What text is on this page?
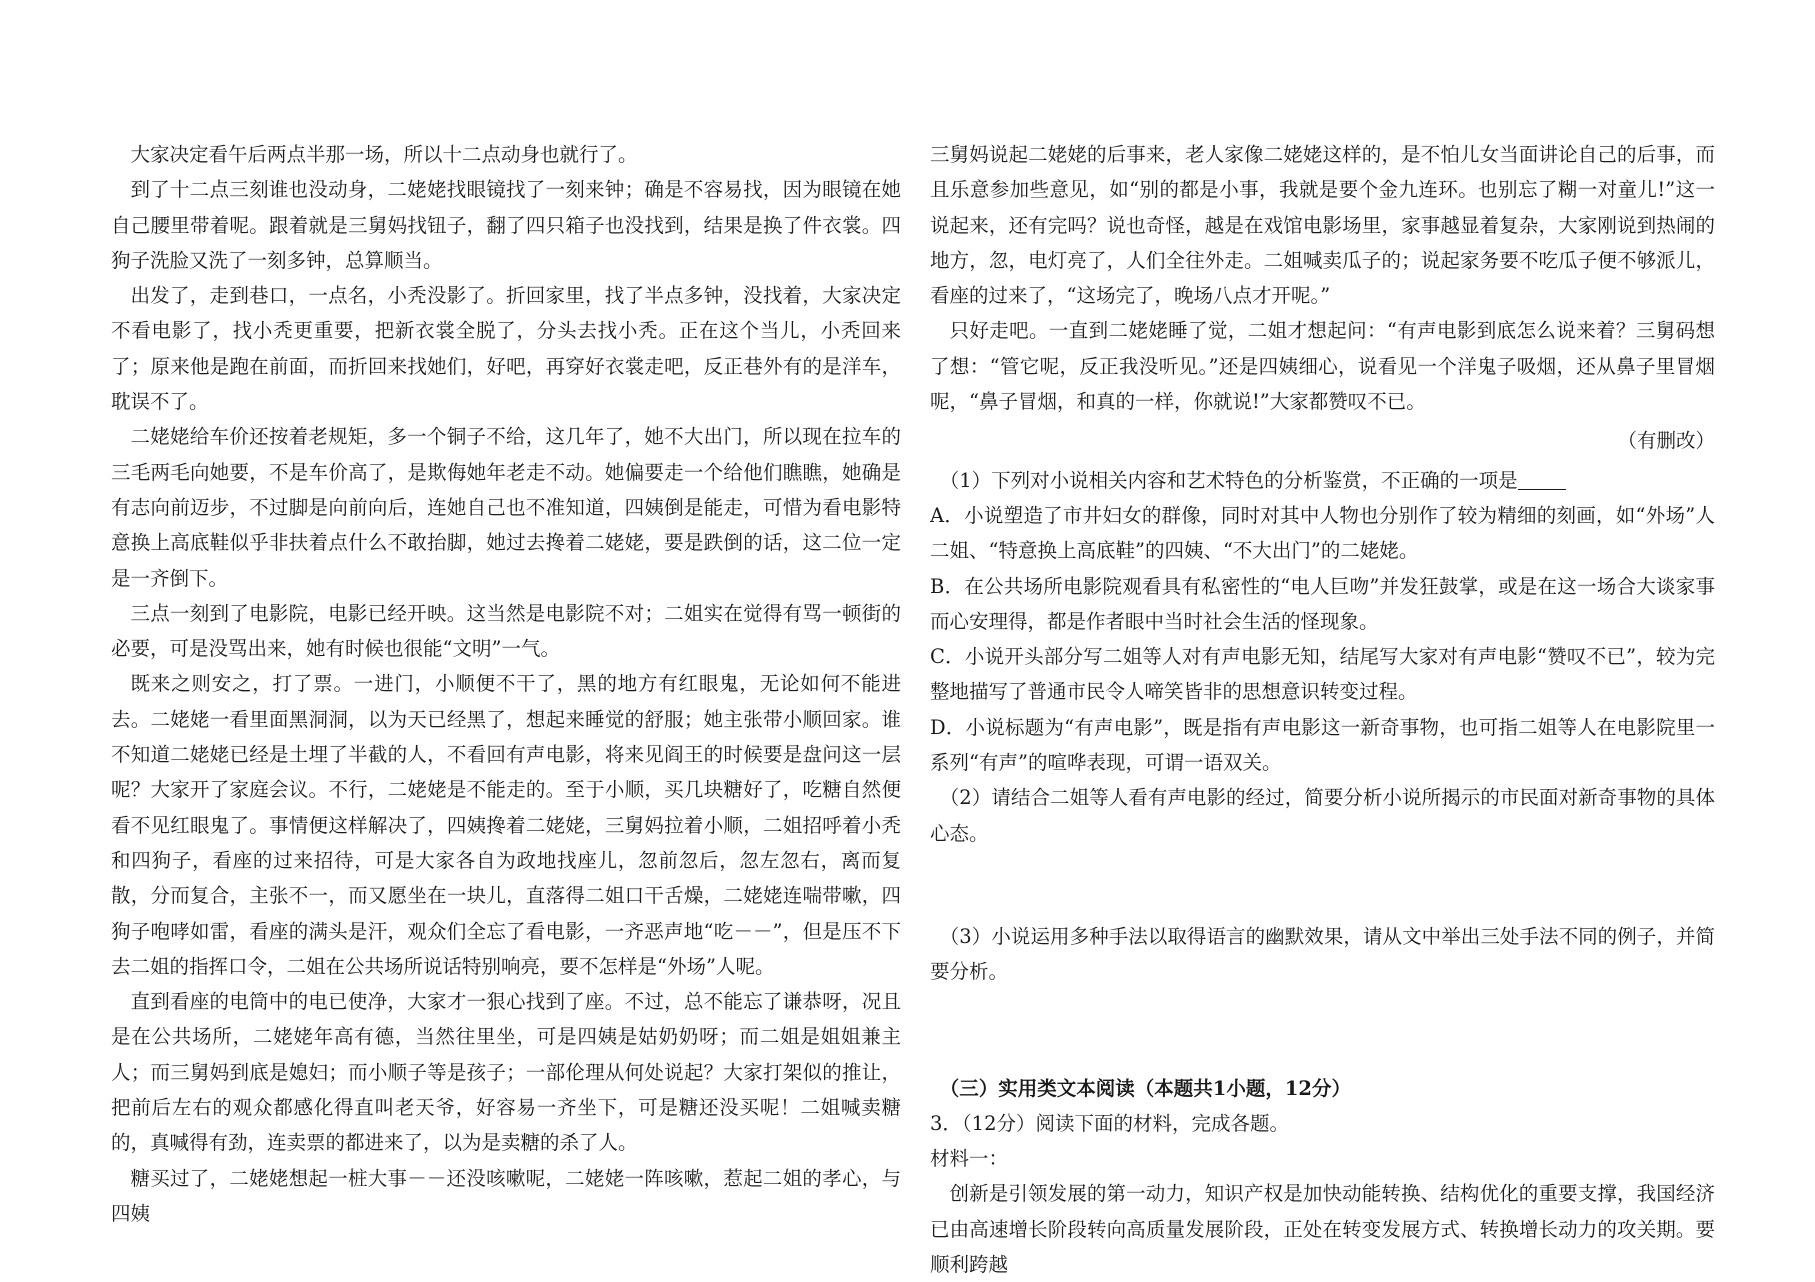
大家决定看午后两点半那一场，所以十二点动身也就行了。

到了十二点三刻谁也没动身，二姥姥找眼镜找了一刻来钟；确是不容易找，因为眼镜在她自己腰里带着呢。跟着就是三舅妈找钮子，翻了四只箱子也没找到，结果是换了件衣裳。四狗子洗脸又洗了一刻多钟，总算顺当。

出发了，走到巷口，一点名，小秃没影了。折回家里，找了半点多钟，没找着，大家决定不看电影了，找小秃更重要，把新衣裳全脱了，分头去找小秃。正在这个当儿，小秃回来了；原来他是跑在前面，而折回来找她们，好吧，再穿好衣裳走吧，反正巷外有的是洋车，耽误不了。

二姥姥给车价还按着老规矩，多一个铜子不给，这几年了，她不大出门，所以现在拉车的三毛两毛向她要，不是车价高了，是欺侮她年老走不动。她偏要走一个给他们瞧瞧，她确是有志向前迈步，不过脚是向前向后，连她自己也不准知道，四姨倒是能走，可惜为看电影特意换上高底鞋似乎非扶着点什么不敢抬脚，她过去搀着二姥姥，要是跌倒的话，这二位一定是一齐倒下。

三点一刻到了电影院，电影已经开映。这当然是电影院不对；二姐实在觉得有骂一顿街的必要，可是没骂出来，她有时候也很能“文明”一气。

既来之则安之，打了票。一进门，小顺便不干了，黑的地方有红眼鬼，无论如何不能进去。二姥姥一看里面黑洞洞，以为天已经黑了，想起来睡觉的舒服；她主张带小顺回家。谁不知道二姥姥已经是土埋了半截的人，不看回有声电影，将来见阎王的时候要是盘问这一层呢？大家开了家庭会议。不行，二姥姥是不能走的。至于小顺，买几块糖好了，吃糖自然便看不见红眼鬼了。事情便这样解决了，四姨搀着二姥姥，三舅妈拉着小顺，二姐招呼着小秃和四狗子，看座的过来招待，可是大家各自为政地找座儿，忽前忽后，忽左忽右，离而复散，分而复合，主张不一，而又愿坐在一块儿，直落得二姐口干舌燥，二姥姥连喘带嗽，四狗子咆哮如雷，看座的满头是汗，观众们全忘了看电影，一齐恶声地“吃－－”，但是压不下去二姐的指挥口令，二姐在公共场所说话特别响亮，要不怎样是“外场”人呢。

直到看座的电筒中的电已使净，大家才一狠心找到了座。不过，总不能忘了谦恭呀，况且是在公共场所，二姥姥年高有德，当然往里坐，可是四姨是姑奶奶呀；而二姐是姐姐兼主人；而三舅妈到底是媳妇；而小顺子等是孩子；一部伦理从何处说起？大家打架似的推让，把前后左右的观众都感化得直叫老天爷，好容易一齐坐下，可是糖还没买呢！二姐喊卖糖的，真喊得有劲，连卖票的都进来了，以为是卖糖的杀了人。

糖买过了，二姥姥想起一桩大事－－还没咳嗽呢，二姥姥一阵咳嗽，惹起二姐的孝心，与四姨

三舅妈说起二姥姥的后事来，老人家像二姥姥这样的，是不怕儿女当面讲论自己的后事，而且乐意参加些意见，如“别的都是小事，我就是要个金九连环。也别忘了糊一对童儿!”这一说起来，还有完吗？说也奇怪，越是在戏馆电影场里，家事越显着复杂，大家刚说到热闹的地方，忽，电灯亮了，人们全往外走。二姐喊卖瓜子的；说起家务要不吃瓜子便不够派儿，看座的过来了，“这场完了，晚场八点才开呢。”

只好走吧。一直到二姥姥睡了觉，二姐才想起问：“有声电影到底怎么说来着？三舅码想了想：“管它呢，反正我没听见。”还是四姨细心，说看见一个洋鬼子吸烟，还从鼻子里冒烟呢，“鼻子冒烟，和真的一样，你就说!”大家都赞叹不已。

（有删改）

（1）下列对小说相关内容和艺术特色的分析鉴赏，不正确的一项是

A．小说塑造了市井妇女的群像，同时对其中人物也分别作了较为精细的刻画，如“外场”人二姐、“特意换上高底鞋”的四姨、“不大出门”的二姥姥。

B．在公共场所电影院观看具有私密性的“电人巨吻”并发狂鼓掌，或是在这一场合大谈家事而心安理得，都是作者眼中当时社会生活的怪现象。

C．小说开头部分写二姐等人对有声电影无知，结尾写大家对有声电影“赞叹不已”，较为完整地描写了普通市民令人啼笑皆非的思想意识转变过程。

D．小说标题为“有声电影”，既是指有声电影这一新奇事物，也可指二姐等人在电影院里一系列“有声”的喧哗表现，可谓一语双关。

（2）请结合二姐等人看有声电影的经过，简要分析小说所揭示的市民面对新奇事物的具体心态。

（3）小说运用多种手法以取得语言的幽默效果，请从文中举出三处手法不同的例子，并简要分析。

（三）实用类文本阅读（本题共1小题，12分）

3．（12分）阅读下面的材料，完成各题。

材料一：

创新是引领发展的第一动力，知识产权是加快动能转换、结构优化的重要支撑，我国经济已由高速增长阶段转向高质量发展阶段，正处在转变发展方式、转换增长动力的攻关期。要顺利跨越
